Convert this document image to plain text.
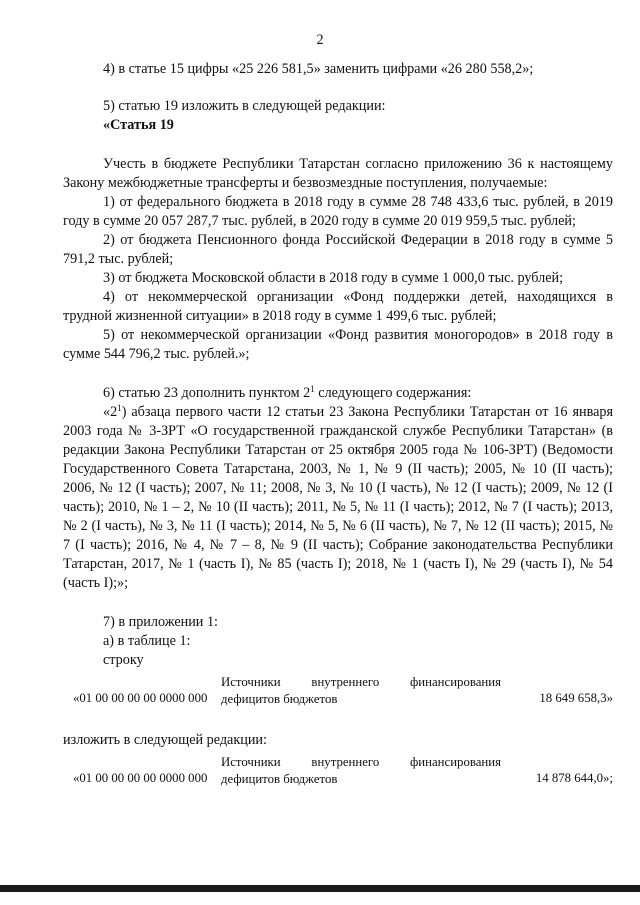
2

4) в статье 15 цифры «25 226 581,5» заменить цифрами «26 280 558,2»;

5) статью 19 изложить в следующей редакции:

«Статья 19

Учесть в бюджете Республики Татарстан согласно приложению 36 к настоящему Закону межбюджетные трансферты и безвозмездные поступления, получаемые:

1) от федерального бюджета в 2018 году в сумме 28 748 433,6 тыс. рублей, в 2019 году в сумме 20 057 287,7 тыс. рублей, в 2020 году в сумме 20 019 959,5 тыс. рублей;

2) от бюджета Пенсионного фонда Российской Федерации в 2018 году в сумме 5 791,2 тыс. рублей;

3) от бюджета Московской области в 2018 году в сумме 1 000,0 тыс. рублей;

4) от некоммерческой организации «Фонд поддержки детей, находящихся в трудной жизненной ситуации» в 2018 году в сумме 1 499,6 тыс. рублей;

5) от некоммерческой организации «Фонд развития моногородов» в 2018 году в сумме 544 796,2 тыс. рублей.»;

6) статью 23 дополнить пунктом $2^1$ следующего содержания:

«$2^1$) абзаца первого части 12 статьи 23 Закона Республики Татарстан от 16 января 2003 года № 3-ЗРТ «О государственной гражданской службе Республики Татарстан» (в редакции Закона Республики Татарстан от 25 октября 2005 года № 106-ЗРТ) (Ведомости Государственного Совета Татарстана, 2003, № 1, № 9 (II часть); 2005, № 10 (II часть); 2006, № 12 (I часть); 2007, № 11; 2008, № 3, № 10 (I часть), № 12 (I часть); 2009, № 12 (I часть); 2010, № 1 – 2, № 10 (II часть); 2011, № 5, № 11 (I часть); 2012, № 7 (I часть); 2013, № 2 (I часть), № 3, № 11 (I часть); 2014, № 5, № 6 (II часть), № 7, № 12 (II часть); 2015, № 7 (I часть); 2016, № 4, № 7 – 8, № 9 (II часть); Собрание законодательства Республики Татарстан, 2017, № 1 (часть I), № 85 (часть I); 2018, № 1 (часть I), № 29 (часть I), № 54 (часть I);»;

7) в приложении 1:

а) в таблице 1:

строку

«01 00 00 00 00 0000 000
Источники внутреннего финансирования
дефицитов бюджетов	18 649 658,3»

изложить в следующей редакции:

«01 00 00 00 00 0000 000
Источники внутреннего финансирования
дефицитов бюджетов	14 878 644,0»;
